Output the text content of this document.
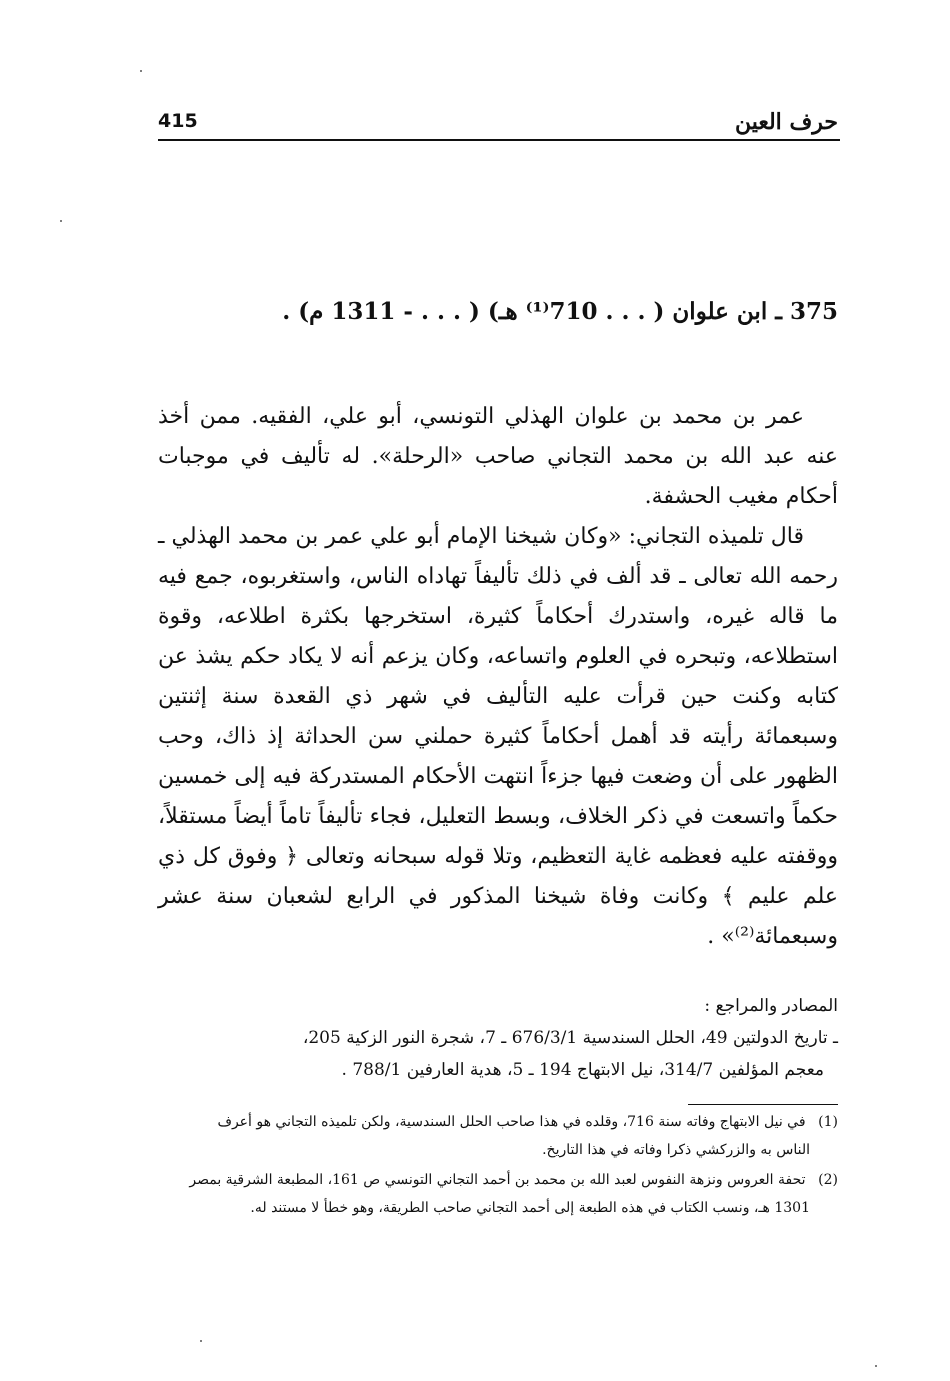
حرف العين
415
375 ـ ابن علوان ( . . . 710⁽¹⁾ هـ) ( . . . - 1311 م) .

عمر بن محمد بن علوان الهذلي التونسي، أبو علي، الفقيه. ممن أخذ عنه عبد الله بن محمد التجاني صاحب «الرحلة». له تأليف في موجبات أحكام مغيب الحشفة.

قال تلميذه التجاني: «وكان شيخنا الإمام أبو علي عمر بن محمد الهذلي ـ رحمه الله تعالى ـ قد ألف في ذلك تأليفاً تهاداه الناس، واستغربوه، جمع فيه ما قاله غيره، واستدرك أحكاماً كثيرة، استخرجها بكثرة اطلاعه، وقوة استطلاعه، وتبحره في العلوم واتساعه، وكان يزعم أنه لا يكاد حكم يشذ عن كتابه وكنت حين قرأت عليه التأليف في شهر ذي القعدة سنة إثنتين وسبعمائة رأيته قد أهمل أحكاماً كثيرة حملني سن الحداثة إذ ذاك، وحب الظهور على أن وضعت فيها جزءاً انتهت الأحكام المستدركة فيه إلى خمسين حكماً واتسعت في ذكر الخلاف، وبسط التعليل، فجاء تأليفاً تاماً أيضاً مستقلاً، ووقفته عليه فعظمه غاية التعظيم، وتلا قوله سبحانه وتعالى ﴿ وفوق كل ذي علم عليم ﴾ وكانت وفاة شيخنا المذكور في الرابع لشعبان سنة عشر وسبعمائة⁽²⁾» .

المصادر والمراجع :
ـ تاريخ الدولتين 49، الحلل السندسية 676/3/1 ـ 7، شجرة النور الزكية 205،
معجم المؤلفين 314/7، نيل الابتهاج 194 ـ 5، هدية العارفين 788/1 .
(1) في نيل الابتهاج وفاته سنة 716، وقلده في هذا صاحب الحلل السندسية، ولكن تلميذه التجاني هو أعرف
الناس به والزركشي ذكرا وفاته في هذا التاريخ.
(2) تحفة العروس ونزهة النفوس لعبد الله بن محمد بن أحمد التجاني التونسي ص 161، المطبعة الشرقية بمصر
1301 هـ، ونسب الكتاب في هذه الطبعة إلى أحمد التجاني صاحب الطريقة، وهو خطأ لا مستند له.
